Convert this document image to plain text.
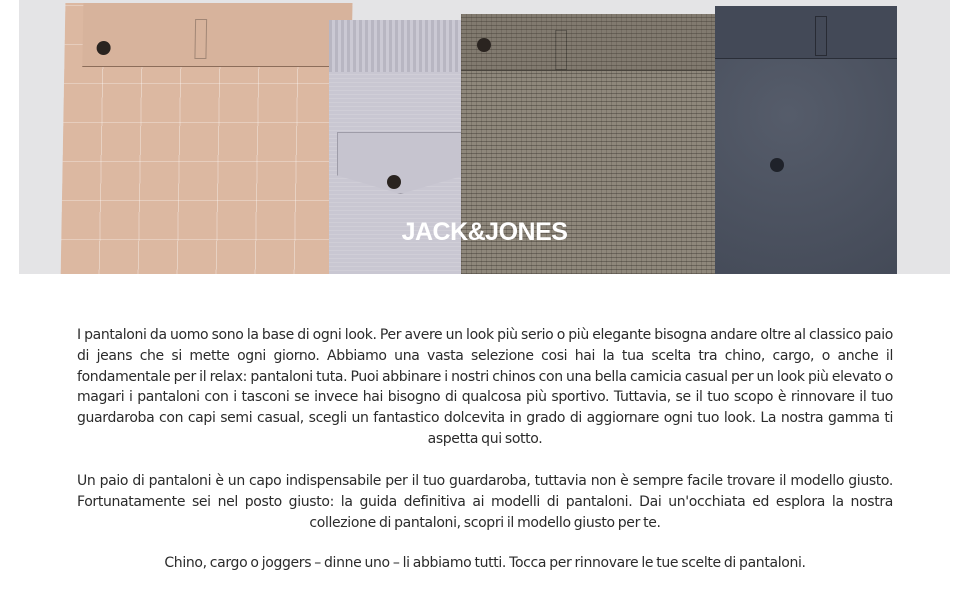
JACK&JONES

I pantaloni da uomo sono la base di ogni look. Per avere un look più serio o più elegante bisogna andare oltre al classico paio di jeans che si mette ogni giorno. Abbiamo una vasta selezione cosi hai la tua scelta tra chino, cargo, o anche il fondamentale per il relax: pantaloni tuta. Puoi abbinare i nostri chinos con una bella camicia casual per un look più elevato o magari i pantaloni con i tasconi se invece hai bisogno di qualcosa più sportivo. Tuttavia, se il tuo scopo è rinnovare il tuo guardaroba con capi semi casual, scegli un fantastico dolcevita in grado di aggiornare ogni tuo look. La nostra gamma ti aspetta qui sotto.

Un paio di pantaloni è un capo indispensabile per il tuo guardaroba, tuttavia non è sempre facile trovare il modello giusto. Fortunatamente sei nel posto giusto: la guida definitiva ai modelli di pantaloni. Dai un'occhiata ed esplora la nostra collezione di pantaloni, scopri il modello giusto per te.

Chino, cargo o joggers – dinne uno – li abbiamo tutti. Tocca per rinnovare le tue scelte di pantaloni.
